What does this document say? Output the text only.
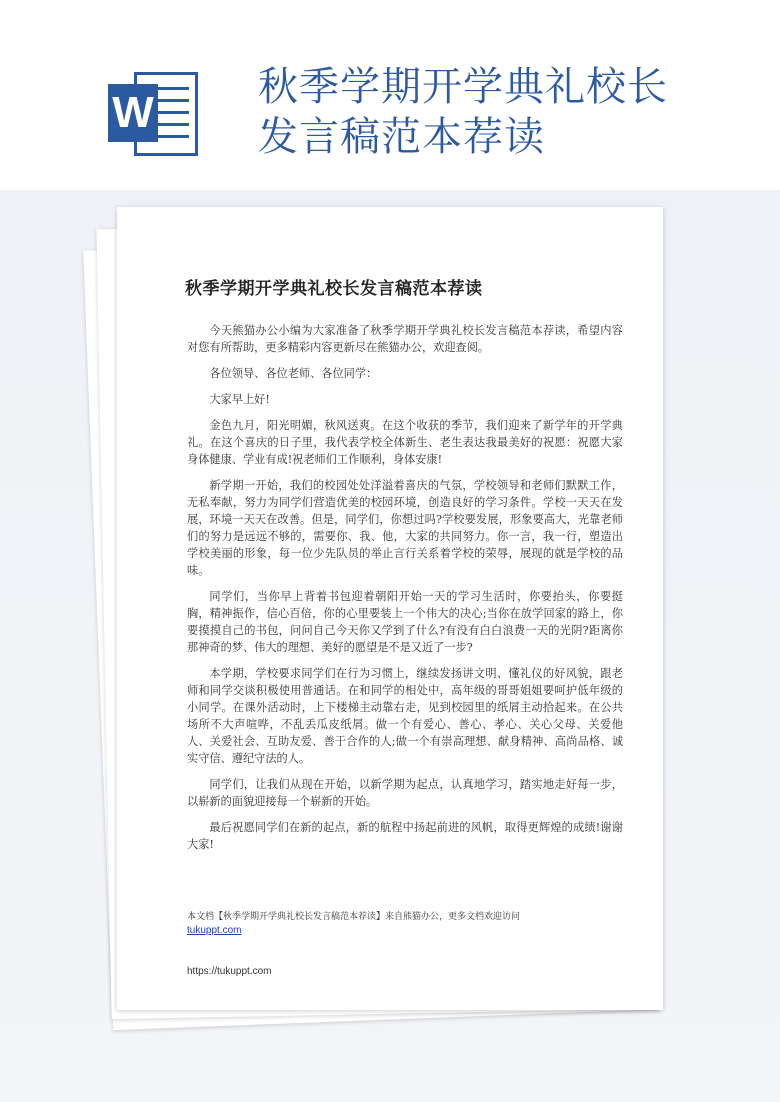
W
秋季学期开学典礼校长发言稿范本荐读
秋季学期开学典礼校长发言稿范本荐读

今天熊猫办公小编为大家准备了秋季学期开学典礼校长发言稿范本荐读，希望内容对您有所帮助，更多精彩内容更新尽在熊猫办公，欢迎查阅。

各位领导、各位老师、各位同学：

大家早上好!

金色九月，阳光明媚，秋风送爽。在这个收获的季节，我们迎来了新学年的开学典礼。在这个喜庆的日子里，我代表学校全体新生、老生表达我最美好的祝愿：祝愿大家身体健康、学业有成!祝老师们工作顺利，身体安康!

新学期一开始，我们的校园处处洋溢着喜庆的气氛，学校领导和老师们默默工作，无私奉献，努力为同学们营造优美的校园环境，创造良好的学习条件。学校一天天在发展，环境一天天在改善。但是，同学们，你想过吗?学校要发展，形象要高大，光靠老师们的努力是远远不够的，需要你、我、他，大家的共同努力。你一言，我一行，塑造出学校美丽的形象，每一位少先队员的举止言行关系着学校的荣辱，展现的就是学校的品味。

同学们，当你早上背着书包迎着朝阳开始一天的学习生活时，你要抬头，你要挺胸，精神振作，信心百倍，你的心里要装上一个伟大的决心;当你在放学回家的路上，你要摸摸自己的书包，问问自己今天你又学到了什么?有没有白白浪费一天的光阴?距离你那神奇的梦、伟大的理想、美好的愿望是不是又近了一步?

本学期，学校要求同学们在行为习惯上，继续发扬讲文明、懂礼仪的好风貌，跟老师和同学交谈积极使用普通话。在和同学的相处中，高年级的哥哥姐姐要呵护低年级的小同学。在课外活动时，上下楼梯主动靠右走，见到校园里的纸屑主动拾起来。在公共场所不大声喧哗，不乱丢瓜皮纸屑。做一个有爱心、善心、孝心、关心父母、关爱他人、关爱社会、互助友爱、善于合作的人;做一个有崇高理想、献身精神、高尚品格、诚实守信、遵纪守法的人。

同学们，让我们从现在开始，以新学期为起点，认真地学习，踏实地走好每一步，以崭新的面貌迎接每一个崭新的开始。

最后祝愿同学们在新的起点，新的航程中扬起前进的风帆，取得更辉煌的成绩!谢谢大家!

本文档【秋季学期开学典礼校长发言稿范本荐读】来自熊猫办公，更多文档欢迎访问
tukuppt.com
https://tukuppt.com
